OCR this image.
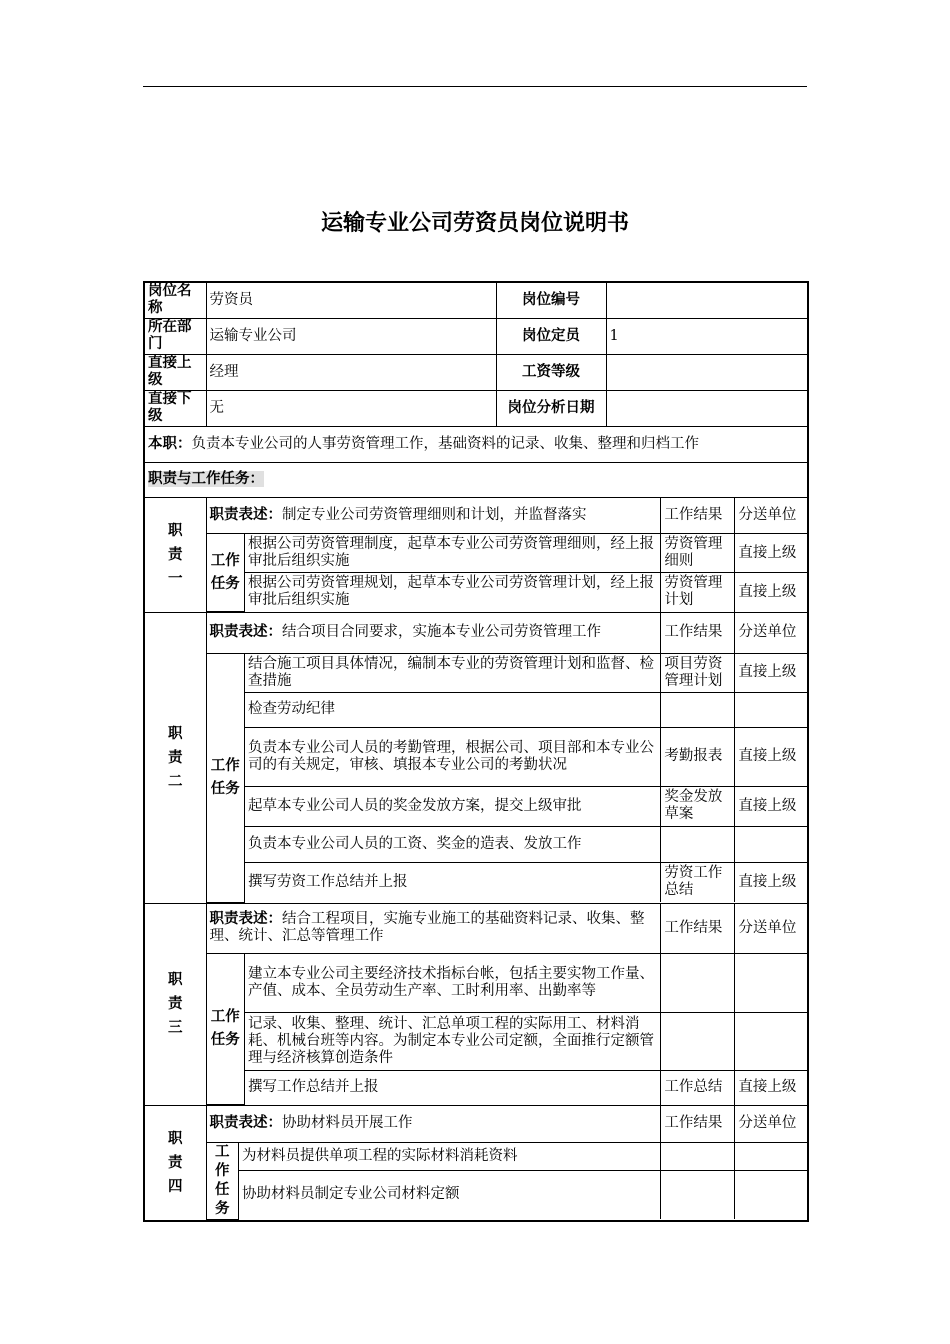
运输专业公司劳资员岗位说明书
岗位名称	劳资员	岗位编号	
所在部门	运输专业公司	岗位定员	1
直接上级	经理	工资等级	
直接下级	无	岗位分析日期	
本职：负责本专业公司的人事劳资管理工作，基础资料的记录、收集、整理和归档工作
职责与工作任务：

职
责
一

职责表述：制定专业公司劳资管理细则和计划，并监督落实	工作结果	分送单位

工作
任务
	根据公司劳资管理制度，起草本专业公司劳资管理细则，经上报审批后组织实施	劳资管理细则	直接上级
根据公司劳资管理规划，起草本专业公司劳资管理计划，经上报审批后组织实施	劳资管理计划	直接上级

职
责
二

职责表述：结合项目合同要求，实施本专业公司劳资管理工作	工作结果	分送单位

工作
任务
	结合施工项目具体情况，编制本专业的劳资管理计划和监督、检查措施	项目劳资管理计划	直接上级
检查劳动纪律		
负责本专业公司人员的考勤管理，根据公司、项目部和本专业公司的有关规定，审核、填报本专业公司的考勤状况	考勤报表	直接上级
起草本专业公司人员的奖金发放方案，提交上级审批	奖金发放草案	直接上级
负责本专业公司人员的工资、奖金的造表、发放工作		
撰写劳资工作总结并上报	劳资工作总结	直接上级

职
责
三

职责表述：结合工程项目，实施专业施工的基础资料记录、收集、整理、统计、汇总等管理工作	工作结果	分送单位

工作
任务
	建立本专业公司主要经济技术指标台帐，包括主要实物工作量、产值、成本、全员劳动生产率、工时利用率、出勤率等		
记录、收集、整理、统计、汇总单项工程的实际用工、材料消耗、机械台班等内容。为制定本专业公司定额，全面推行定额管理与经济核算创造条件		
撰写工作总结并上报	工作总结	直接上级

职
责
四

职责表述：协助材料员开展工作	工作结果	分送单位

工
作
任
务
	为材料员提供单项工程的实际材料消耗资料		
协助材料员制定专业公司材料定额		
